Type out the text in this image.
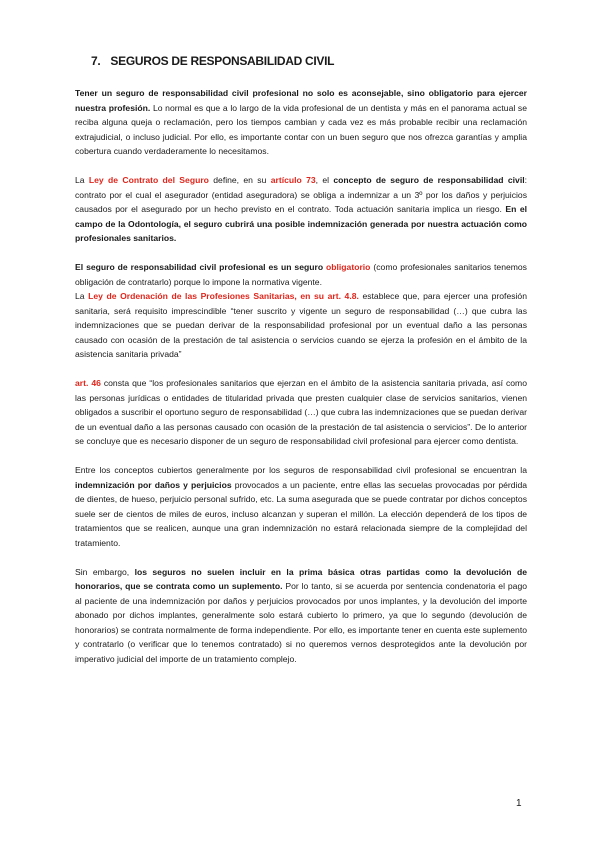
7. SEGUROS DE RESPONSABILIDAD CIVIL

Tener un seguro de responsabilidad civil profesional no solo es aconsejable, sino obligatorio para ejercer nuestra profesión. Lo normal es que a lo largo de la vida profesional de un dentista y más en el panorama actual se reciba alguna queja o reclamación, pero los tiempos cambian y cada vez es más probable recibir una reclamación extrajudicial, o incluso judicial. Por ello, es importante contar con un buen seguro que nos ofrezca garantías y amplia cobertura cuando verdaderamente lo necesitamos.

La Ley de Contrato del Seguro define, en su artículo 73, el concepto de seguro de responsabilidad civil: contrato por el cual el asegurador (entidad aseguradora) se obliga a indemnizar a un 3º por los daños y perjuicios causados por el asegurado por un hecho previsto en el contrato. Toda actuación sanitaria implica un riesgo. En el campo de la Odontología, el seguro cubrirá una posible indemnización generada por nuestra actuación como profesionales sanitarios.

El seguro de responsabilidad civil profesional es un seguro obligatorio (como profesionales sanitarios tenemos obligación de contratarlo) porque lo impone la normativa vigente.

La Ley de Ordenación de las Profesiones Sanitarias, en su art. 4.8. establece que, para ejercer una profesión sanitaria, será requisito imprescindible “tener suscrito y vigente un seguro de responsabilidad (…) que cubra las indemnizaciones que se puedan derivar de la responsabilidad profesional por un eventual daño a las personas causado con ocasión de la prestación de tal asistencia o servicios cuando se ejerza la profesión en el ámbito de la asistencia sanitaria privada”

art. 46 consta que “los profesionales sanitarios que ejerzan en el ámbito de la asistencia sanitaria privada, así como las personas jurídicas o entidades de titularidad privada que presten cualquier clase de servicios sanitarios, vienen obligados a suscribir el oportuno seguro de responsabilidad (…) que cubra las indemnizaciones que se puedan derivar de un eventual daño a las personas causado con ocasión de la prestación de tal asistencia o servicios”. De lo anterior se concluye que es necesario disponer de un seguro de responsabilidad civil profesional para ejercer como dentista.

Entre los conceptos cubiertos generalmente por los seguros de responsabilidad civil profesional se encuentran la indemnización por daños y perjuicios provocados a un paciente, entre ellas las secuelas provocadas por pérdida de dientes, de hueso, perjuicio personal sufrido, etc. La suma asegurada que se puede contratar por dichos conceptos suele ser de cientos de miles de euros, incluso alcanzan y superan el millón. La elección dependerá de los tipos de tratamientos que se realicen, aunque una gran indemnización no estará relacionada siempre de la complejidad del tratamiento.

Sin embargo, los seguros no suelen incluir en la prima básica otras partidas como la devolución de honorarios, que se contrata como un suplemento. Por lo tanto, si se acuerda por sentencia condenatoria el pago al paciente de una indemnización por daños y perjuicios provocados por unos implantes, y la devolución del importe abonado por dichos implantes, generalmente solo estará cubierto lo primero, ya que lo segundo (devolución de honorarios) se contrata normalmente de forma independiente. Por ello, es importante tener en cuenta este suplemento y contratarlo (o verificar que lo tenemos contratado) si no queremos vernos desprotegidos ante la devolución por imperativo judicial del importe de un tratamiento complejo.

1
